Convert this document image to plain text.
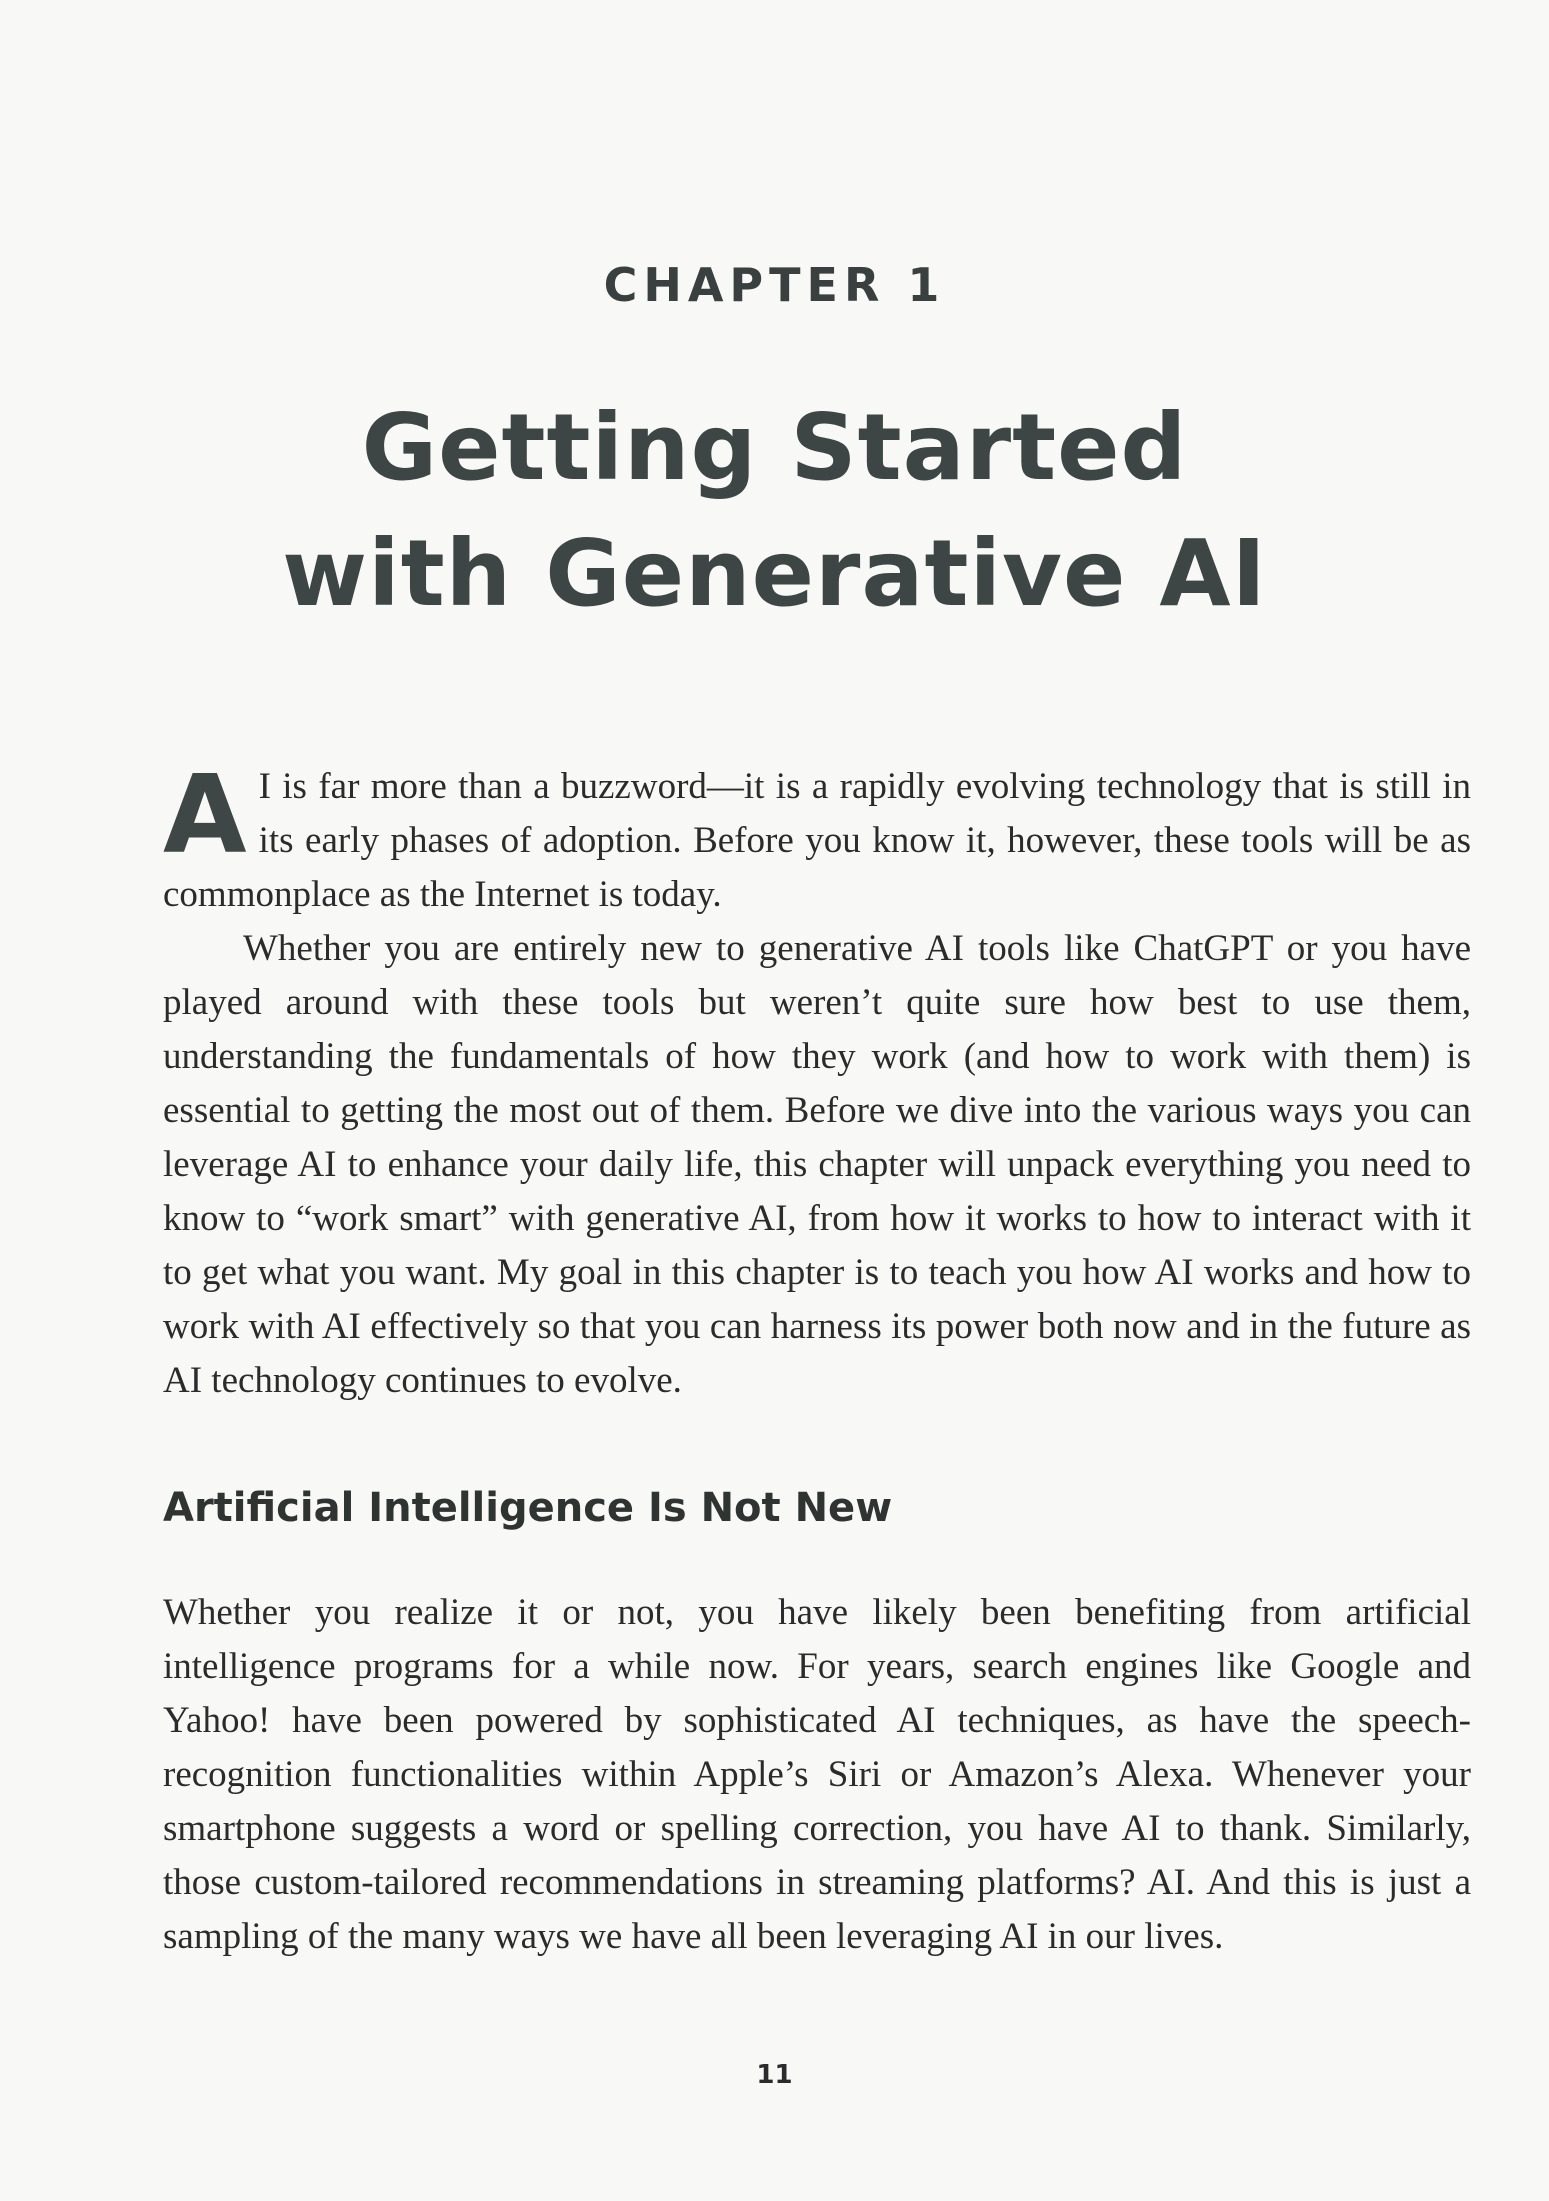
CHAPTER 1
Getting Started
with Generative AI

A I is far more than a buzzword—it is a rapidly evolving technology that is still in its early phases of adoption. Before you know it, however, these tools will be as commonplace as the Internet is today.

Whether you are entirely new to generative AI tools like ChatGPT or you have played around with these tools but weren’t quite sure how best to use them, understanding the fundamentals of how they work (and how to work with them) is essential to getting the most out of them. Before we dive into the various ways you can leverage AI to enhance your daily life, this chapter will unpack everything you need to know to “work smart” with generative AI, from how it works to how to interact with it to get what you want. My goal in this chapter is to teach you how AI works and how to work with AI effectively so that you can harness its power both now and in the future as AI technology continues to evolve.

Artificial Intelligence Is Not New

Whether you realize it or not, you have likely been benefiting from artificial intelligence programs for a while now. For years, search engines like Google and Yahoo! have been powered by sophisticated AI techniques, as have the speech-recognition functionalities within Apple’s Siri or Amazon’s Alexa. Whenever your smartphone suggests a word or spelling correction, you have AI to thank. Similarly, those custom-tailored recommendations in streaming platforms? AI. And this is just a sampling of the many ways we have all been leveraging AI in our lives.

11
